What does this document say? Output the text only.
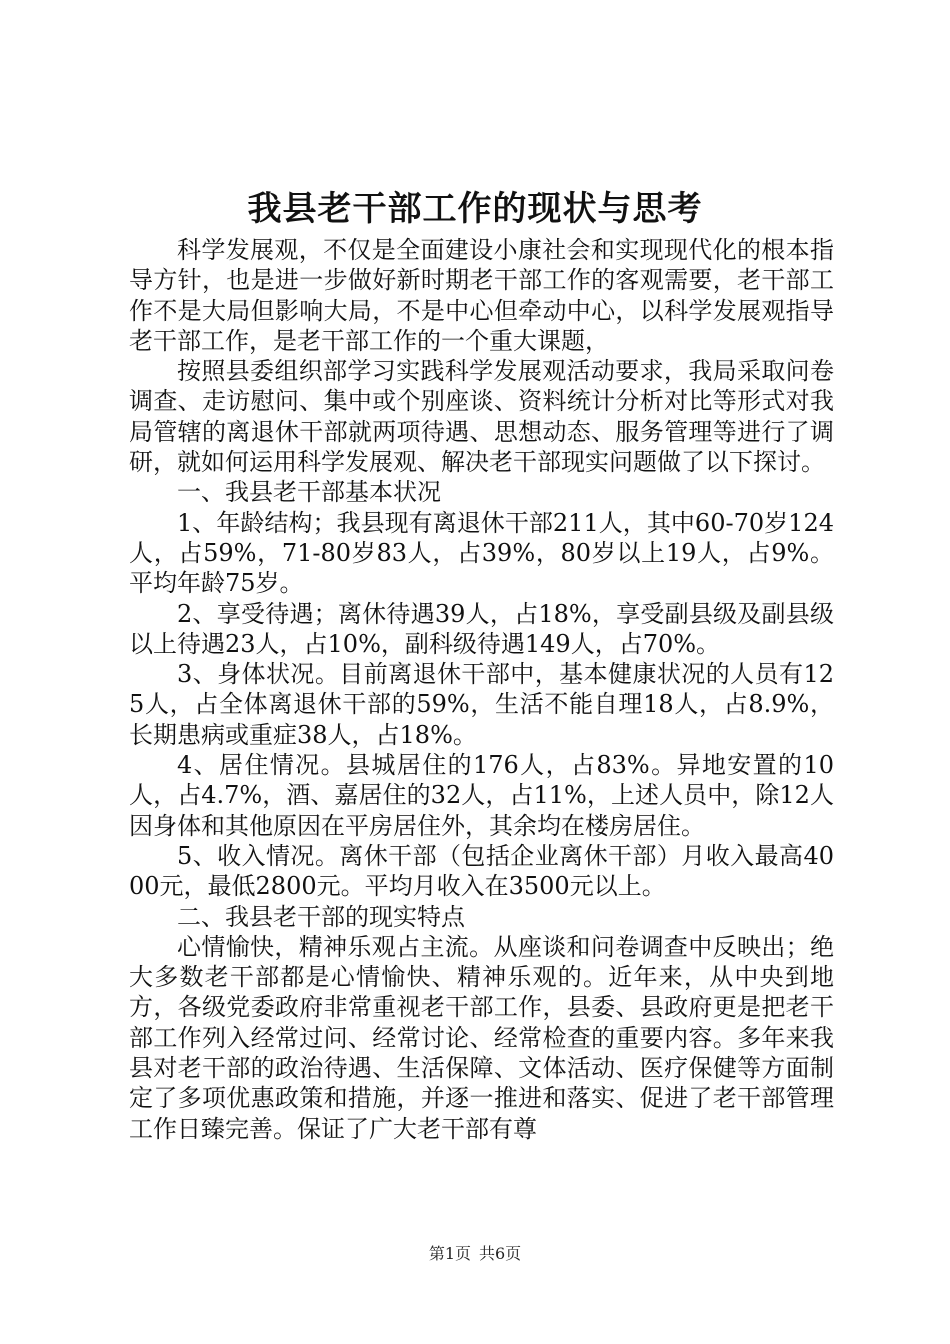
我县老干部工作的现状与思考

科学发展观，不仅是全面建设小康社会和实现现代化的根本指导方针，也是进一步做好新时期老干部工作的客观需要，老干部工作不是大局但影响大局，不是中心但牵动中心，以科学发展观指导老干部工作，是老干部工作的一个重大课题，

按照县委组织部学习实践科学发展观活动要求，我局采取问卷调查、走访慰问、集中或个别座谈、资料统计分析对比等形式对我局管辖的离退休干部就两项待遇、思想动态、服务管理等进行了调研，就如何运用科学发展观、解决老干部现实问题做了以下探讨。

一、我县老干部基本状况

1、年龄结构；我县现有离退休干部211人，其中60-70岁124人，占59%，71-80岁83人，占39%，80岁以上19人，占9%。平均年龄75岁。

2、享受待遇；离休待遇39人，占18%，享受副县级及副县级以上待遇23人，占10%，副科级待遇149人，占70%。

3、身体状况。目前离退休干部中，基本健康状况的人员有125人，占全体离退休干部的59%，生活不能自理18人，占8.9%，长期患病或重症38人，占18%。

4、居住情况。县城居住的176人，占83%。异地安置的10人，占4.7%，酒、嘉居住的32人，占11%，上述人员中，除12人因身体和其他原因在平房居住外，其余均在楼房居住。

5、收入情况。离休干部（包括企业离休干部）月收入最高4000元，最低2800元。平均月收入在3500元以上。

二、我县老干部的现实特点

心情愉快，精神乐观占主流。从座谈和问卷调查中反映出；绝大多数老干部都是心情愉快、精神乐观的。近年来，从中央到地方，各级党委政府非常重视老干部工作，县委、县政府更是把老干部工作列入经常过问、经常讨论、经常检查的重要内容。多年来我县对老干部的政治待遇、生活保障、文体活动、医疗保健等方面制定了多项优惠政策和措施，并逐一推进和落实、促进了老干部管理工作日臻完善。保证了广大老干部有尊

第1页 共6页
